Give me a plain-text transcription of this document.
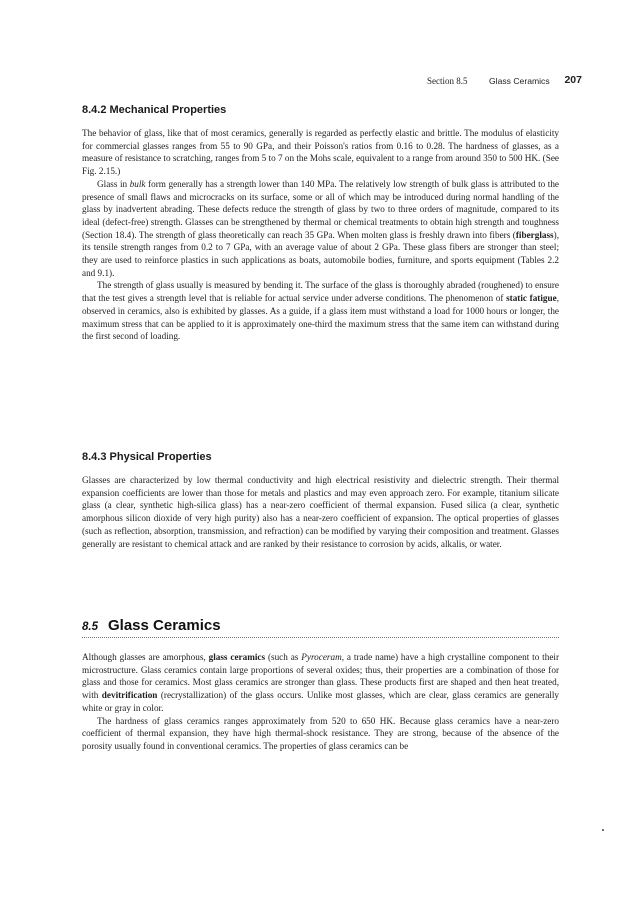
Section 8.5	Glass Ceramics 207
8.4.2 Mechanical Properties

The behavior of glass, like that of most ceramics, generally is regarded as perfectly elastic and brittle. The modulus of elasticity for commercial glasses ranges from 55 to 90 GPa, and their Poisson's ratios from 0.16 to 0.28. The hardness of glasses, as a measure of resistance to scratching, ranges from 5 to 7 on the Mohs scale, equivalent to a range from around 350 to 500 HK. (See Fig. 2.15.)

Glass in bulk form generally has a strength lower than 140 MPa. The relatively low strength of bulk glass is attributed to the presence of small flaws and microcracks on its surface, some or all of which may be introduced during normal handling of the glass by inadvertent abrading. These defects reduce the strength of glass by two to three orders of magnitude, compared to its ideal (defect-free) strength. Glasses can be strengthened by thermal or chemical treatments to obtain high strength and toughness (Section 18.4). The strength of glass theoretically can reach 35 GPa. When molten glass is freshly drawn into fibers (fiberglass), its tensile strength ranges from 0.2 to 7 GPa, with an average value of about 2 GPa. These glass fibers are stronger than steel; they are used to reinforce plastics in such applications as boats, automobile bodies, furniture, and sports equipment (Tables 2.2 and 9.1).

The strength of glass usually is measured by bending it. The surface of the glass is thoroughly abraded (roughened) to ensure that the test gives a strength level that is reliable for actual service under adverse conditions. The phenomenon of static fatigue, observed in ceramics, also is exhibited by glasses. As a guide, if a glass item must withstand a load for 1000 hours or longer, the maximum stress that can be applied to it is approximately one-third the maximum stress that the same item can withstand during the first second of loading.

8.4.3 Physical Properties

Glasses are characterized by low thermal conductivity and high electrical resistivity and dielectric strength. Their thermal expansion coefficients are lower than those for metals and plastics and may even approach zero. For example, titanium silicate glass (a clear, synthetic high-silica glass) has a near-zero coefficient of thermal expansion. Fused silica (a clear, synthetic amorphous silicon dioxide of very high purity) also has a near-zero coefficient of expansion. The optical properties of glasses (such as reflection, absorption, transmission, and refraction) can be modified by varying their composition and treatment. Glasses generally are resistant to chemical attack and are ranked by their resistance to corrosion by acids, alkalis, or water.

8.5 Glass Ceramics

Although glasses are amorphous, glass ceramics (such as Pyroceram, a trade name) have a high crystalline component to their microstructure. Glass ceramics contain large proportions of several oxides; thus, their properties are a combination of those for glass and those for ceramics. Most glass ceramics are stronger than glass. These products first are shaped and then heat treated, with devitrification (recrystallization) of the glass occurs. Unlike most glasses, which are clear, glass ceramics are generally white or gray in color.

The hardness of glass ceramics ranges approximately from 520 to 650 HK. Because glass ceramics have a near-zero coefficient of thermal expansion, they have high thermal-shock resistance. They are strong, because of the absence of the porosity usually found in conventional ceramics. The properties of glass ceramics can be
